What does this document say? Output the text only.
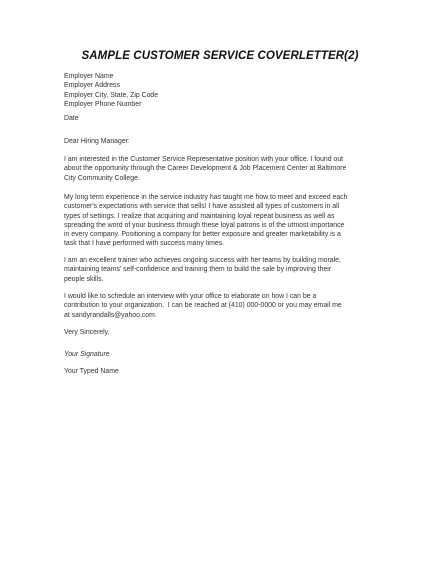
SAMPLE CUSTOMER SERVICE COVERLETTER(2)
Employer Name
Employer Address
Employer City, State, Zip Code
Employer Phone Number
Date
Dear Hiring Manager:
I am interested in the Customer Service Representative position with your office. I found out
about the opportunity through the Career Development & Job Placement Center at Baltimore
City Community College.
My long term experience in the service industry has taught me how to meet and exceed each
customer's expectations with service that sells! I have assisted all types of customers in all
types of settings. I realize that acquiring and maintaining loyal repeat business as well as
spreading the word of your business through these loyal patrons is of the utmost importance
in every company. Positioning a company for better exposure and greater marketability is a
task that I have performed with success many times.
I am an excellent trainer who achieves ongoing success with her teams by building morale,
maintaining teams' self-confidence and training them to build the sale by improving their
people skills.
I would like to schedule an interview with your office to elaborate on how I can be a
contribution to your organization.  I can be reached at (410) 000-0000 or you may email me
at sandyrandalls@yahoo.com.
Very Sincerely,
Your Signature
Your Typed Name
